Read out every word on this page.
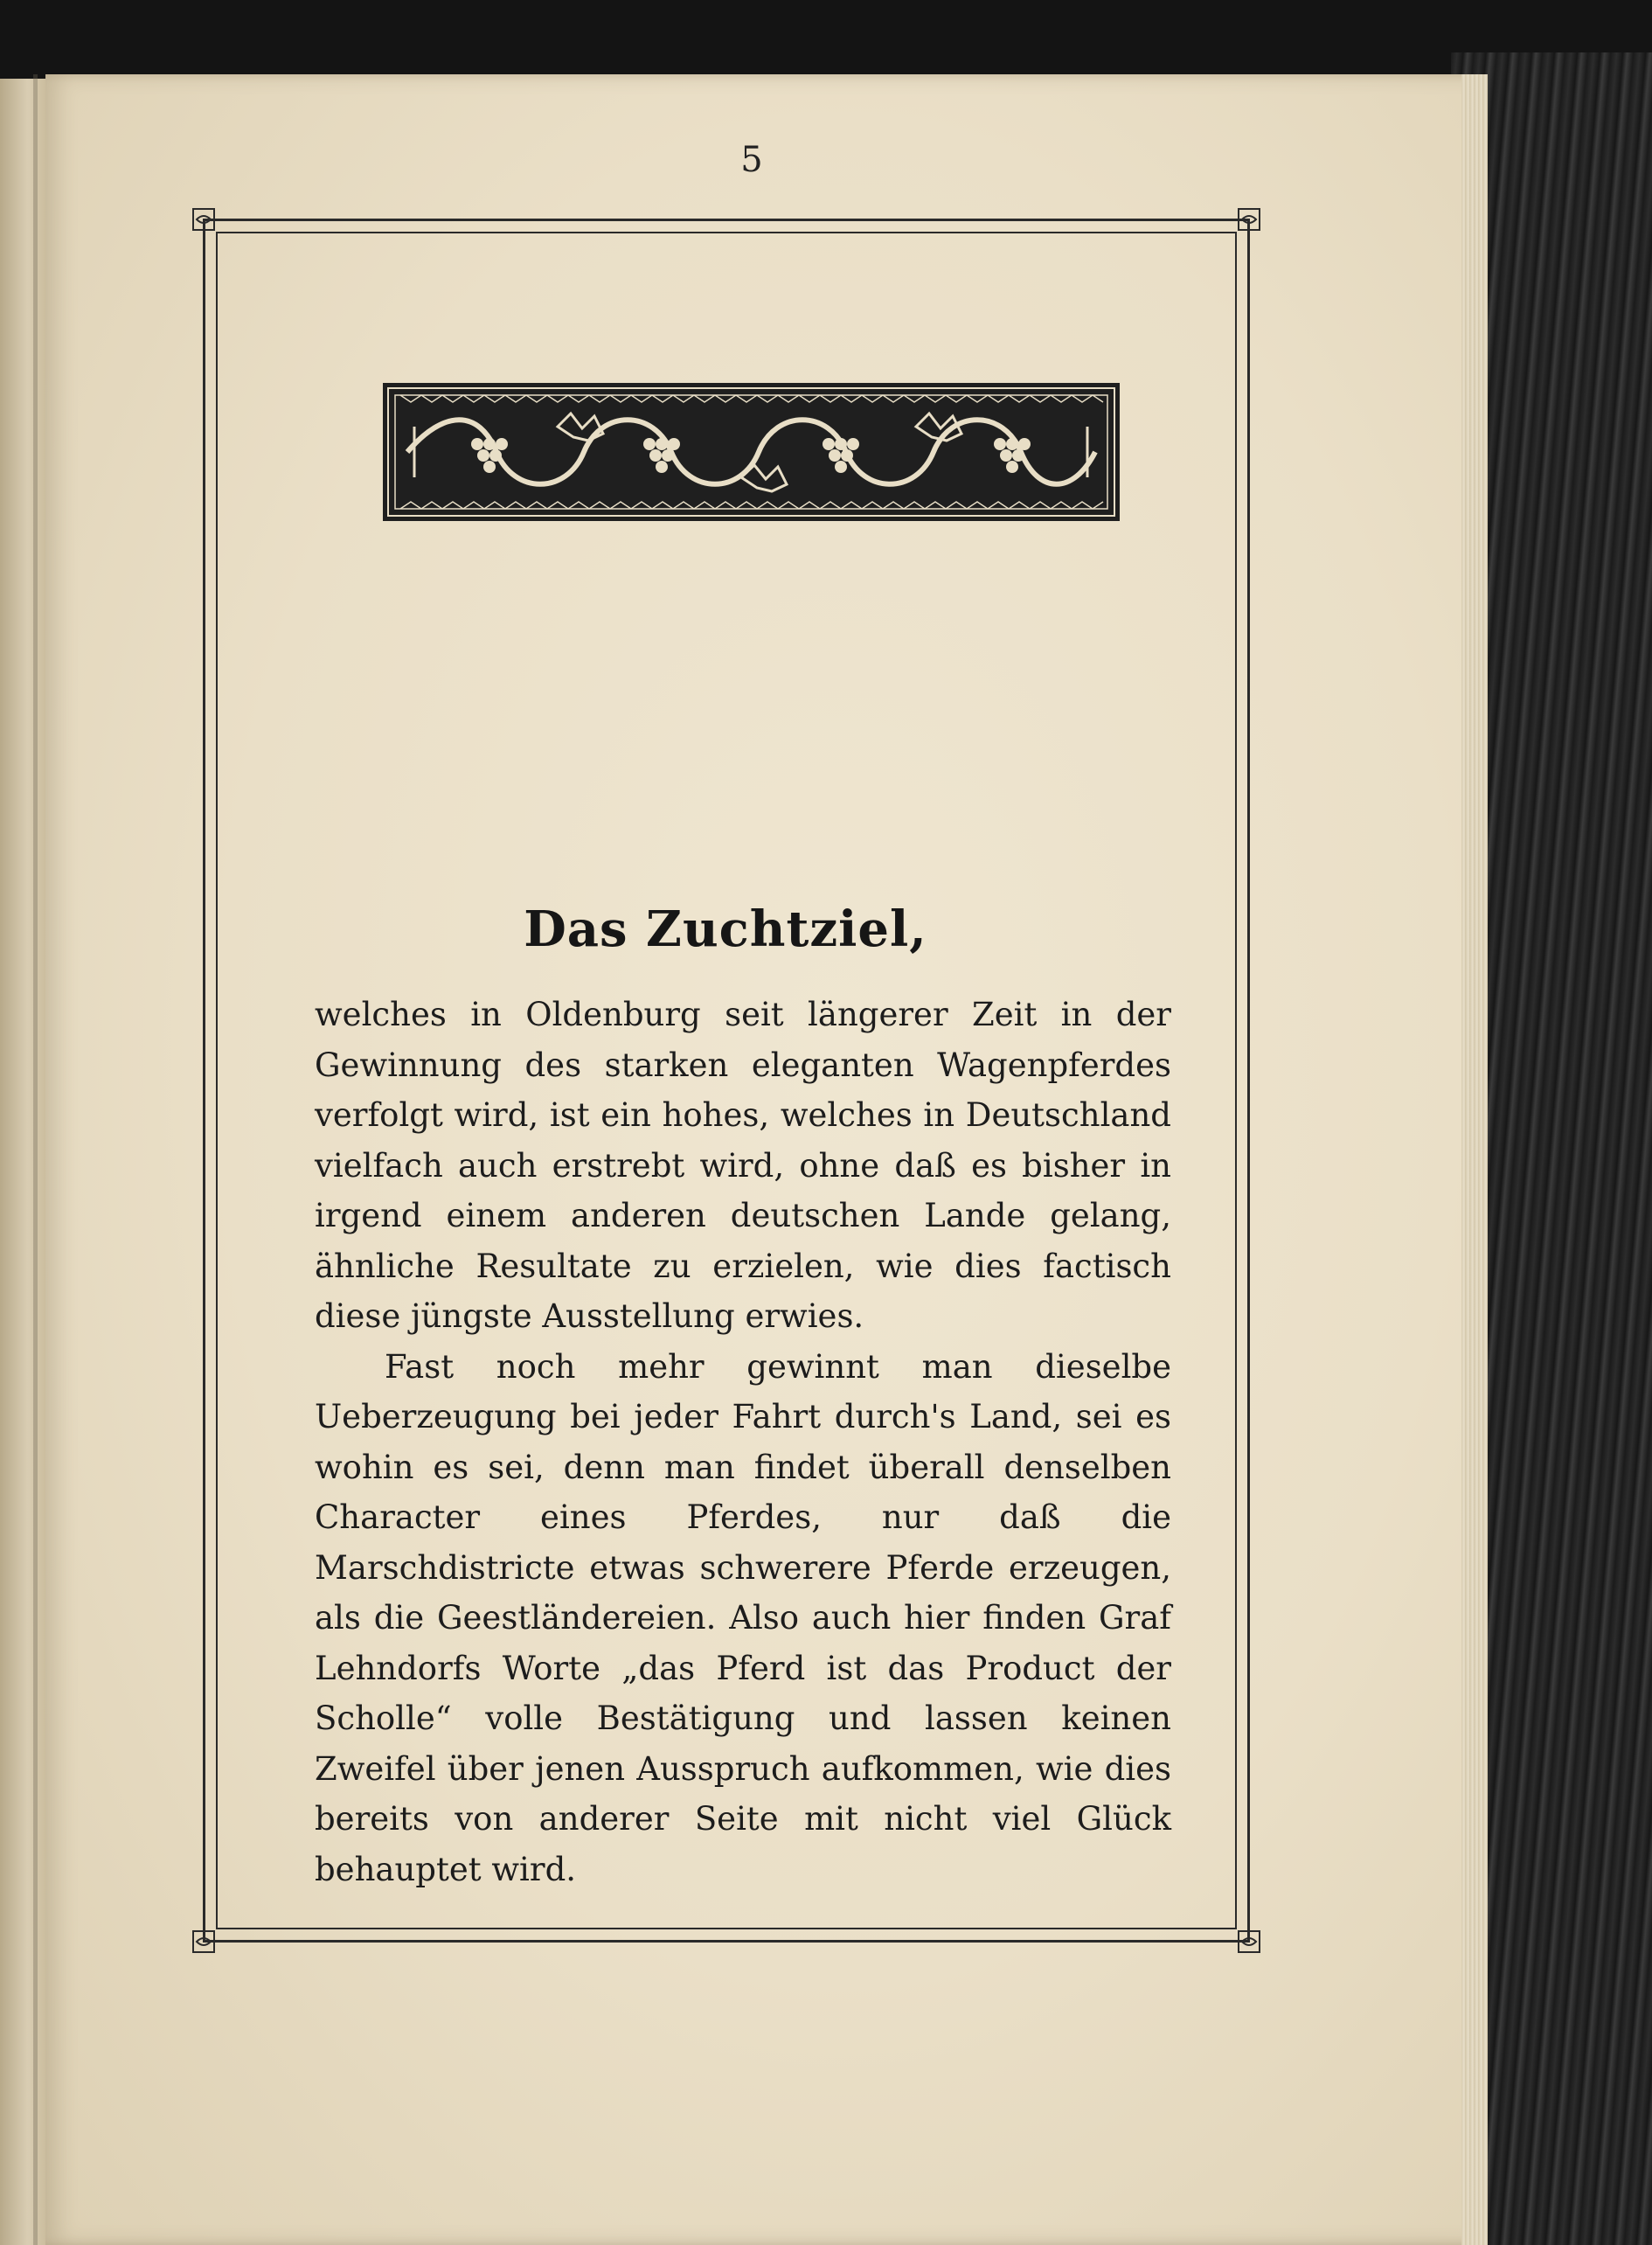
5
Das Zuchtziel,

welches in Oldenburg seit längerer Zeit in der Gewinnung des starken eleganten Wagenpferdes verfolgt wird, ist ein hohes, welches in Deutschland vielfach auch erstrebt wird, ohne daß es bisher in irgend einem anderen deutschen Lande gelang, ähnliche Resultate zu erzielen, wie dies factisch diese jüngste Ausstellung erwies.

Fast noch mehr gewinnt man dieselbe Ueberzeugung bei jeder Fahrt durch's Land, sei es wohin es sei, denn man findet überall denselben Character eines Pferdes, nur daß die Marschdistricte etwas schwerere Pferde erzeugen, als die Geestländereien. Also auch hier finden Graf Lehndorfs Worte „das Pferd ist das Product der Scholle“ volle Bestätigung und lassen keinen Zweifel über jenen Ausspruch aufkommen, wie dies bereits von anderer Seite mit nicht viel Glück behauptet wird.
